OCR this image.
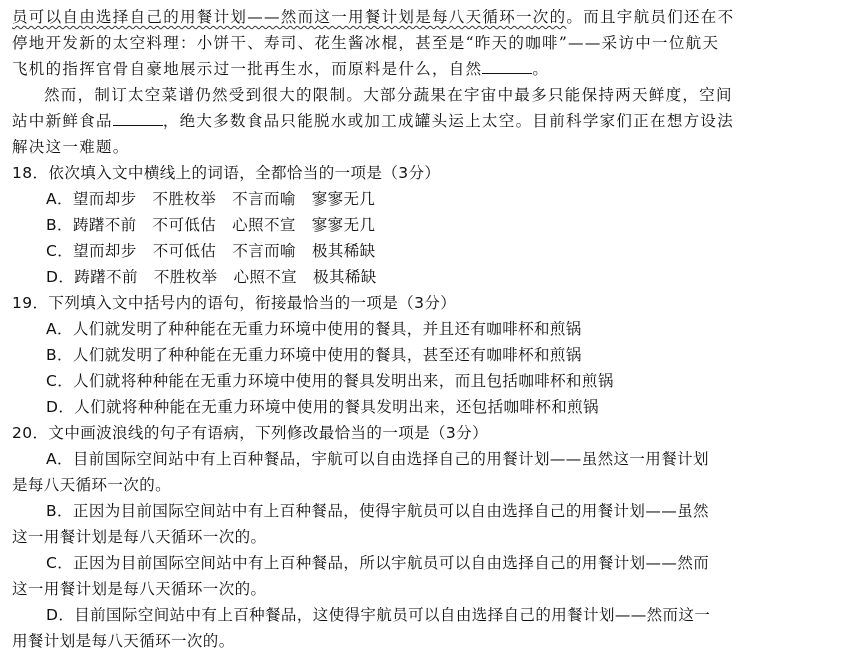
员可以自由选择自己的用餐计划——然而这一用餐计划是每八天循环一次的。而且宇航员们还在不
停地开发新的太空料理：小饼干、寿司、花生酱冰棍，甚至是“昨天的咖啡”——采访中一位航天
飞机的指挥官骨自豪地展示过一批再生水，而原料是什么，自然	。
然而，制订太空菜谱仍然受到很大的限制。大部分蔬果在宇宙中最多只能保持两天鲜度，空间
站中新鲜食品	，绝大多数食品只能脱水或加工成罐头运上太空。目前科学家们正在想方设法
解决这一难题。
18．依次填入文中横线上的词语，全都恰当的一项是（3分）
A．望而却步 不胜枚举 不言而喻 寥寥无几
B．踌躇不前 不可低估 心照不宣 寥寥无几
C．望而却步 不可低估 不言而喻 极其稀缺
D．踌躇不前 不胜枚举 心照不宣 极其稀缺
19．下列填入文中括号内的语句，衔接最恰当的一项是（3分）
A．人们就发明了种种能在无重力环境中使用的餐具，并且还有咖啡杯和煎锅
B．人们就发明了种种能在无重力环境中使用的餐具，甚至还有咖啡杯和煎锅
C．人们就将种种能在无重力环境中使用的餐具发明出来，而且包括咖啡杯和煎锅
D．人们就将种种能在无重力环境中使用的餐具发明出来，还包括咖啡杯和煎锅
20．文中画波浪线的句子有语病，下列修改最恰当的一项是（3分）
A．目前国际空间站中有上百种餐品，宇航可以自由选择自己的用餐计划——虽然这一用餐计划
是每八天循环一次的。
B．正因为目前国际空间站中有上百种餐品，使得宇航员可以自由选择自己的用餐计划——虽然
这一用餐计划是每八天循环一次的。
C．正因为目前国际空间站中有上百种餐品，所以宇航员可以自由选择自己的用餐计划——然而
这一用餐计划是每八天循环一次的。
D．目前国际空间站中有上百种餐品，这使得宇航员可以自由选择自己的用餐计划——然而这一
用餐计划是每八天循环一次的。
